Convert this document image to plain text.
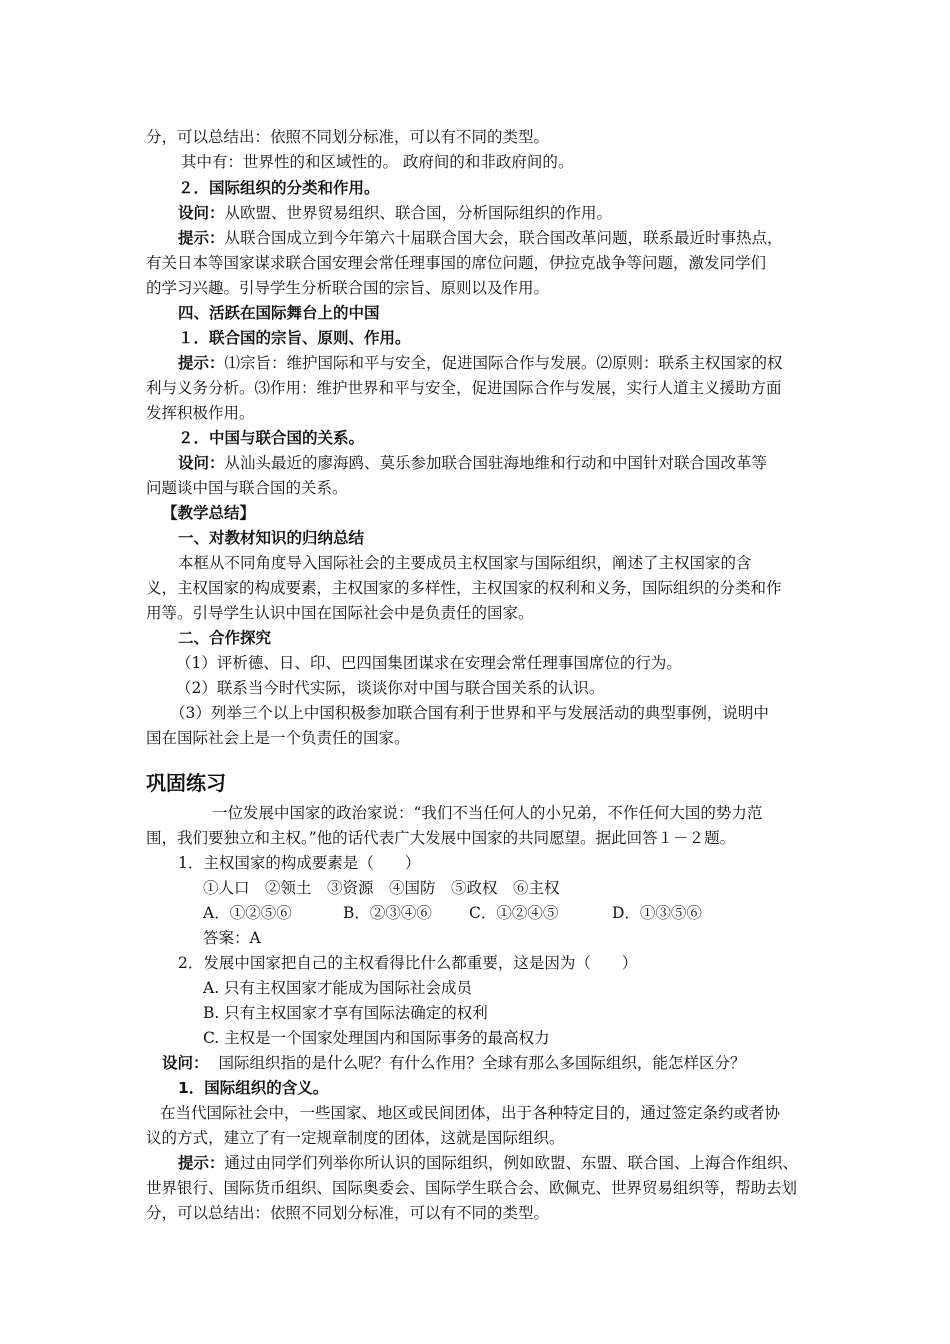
分，可以总结出：依照不同划分标准，可以有不同的类型。
其中有：世界性的和区域性的。 政府间的和非政府间的。
２．国际组织的分类和作用。
设问：从欧盟、世界贸易组织、联合国，分析国际组织的作用。
提示：从联合国成立到今年第六十届联合国大会，联合国改革问题，联系最近时事热点，
有关日本等国家谋求联合国安理会常任理事国的席位问题，伊拉克战争等问题，激发同学们
的学习兴趣。引导学生分析联合国的宗旨、原则以及作用。
四、活跃在国际舞台上的中国
１．联合国的宗旨、原则、作用。
提示：⑴宗旨：维护国际和平与安全，促进国际合作与发展。⑵原则：联系主权国家的权
利与义务分析。⑶作用：维护世界和平与安全，促进国际合作与发展，实行人道主义援助方面
发挥积极作用。
２．中国与联合国的关系。
设问：从汕头最近的廖海鸥、莫乐参加联合国驻海地维和行动和中国针对联合国改革等
问题谈中国与联合国的关系。
【教学总结】
一、对教材知识的归纳总结
本框从不同角度导入国际社会的主要成员主权国家与国际组织，阐述了主权国家的含
义，主权国家的构成要素，主权国家的多样性，主权国家的权利和义务，国际组织的分类和作
用等。引导学生认识中国在国际社会中是负责任的国家。
二、合作探究
（1）评析德、日、印、巴四国集团谋求在安理会常任理事国席位的行为。
（2）联系当今时代实际，谈谈你对中国与联合国关系的认识。
（3）列举三个以上中国积极参加联合国有利于世界和平与发展活动的典型事例，说明中
国在国际社会上是一个负责任的国家。
巩固练习
一位发展中国家的政治家说：“我们不当任何人的小兄弟，不作任何大国的势力范
围，我们要独立和主权。”他的话代表广大发展中国家的共同愿望。据此回答１－２题。
1．主权国家的构成要素是（　　）
①人口　②领土　③资源　④国防　⑤政权　⑥主权
A．①②⑤⑥	B．②③④⑥ C．①②④⑤	D．①③⑤⑥
答案：A
2．发展中国家把自己的主权看得比什么都重要，这是因为（　　）
A. 只有主权国家才能成为国际社会成员
B. 只有主权国家才享有国际法确定的权利
C. 主权是一个国家处理国内和国际事务的最高权力
设问： 国际组织指的是什么呢？有什么作用？全球有那么多国际组织，能怎样区分？
1．国际组织的含义。
在当代国际社会中，一些国家、地区或民间团体，出于各种特定目的，通过签定条约或者协
议的方式，建立了有一定规章制度的团体，这就是国际组织。
提示：通过由同学们列举你所认识的国际组织，例如欧盟、东盟、联合国、上海合作组织、
世界银行、国际货币组织、国际奥委会、国际学生联合会、欧佩克、世界贸易组织等，帮助去划
分，可以总结出：依照不同划分标准，可以有不同的类型。
